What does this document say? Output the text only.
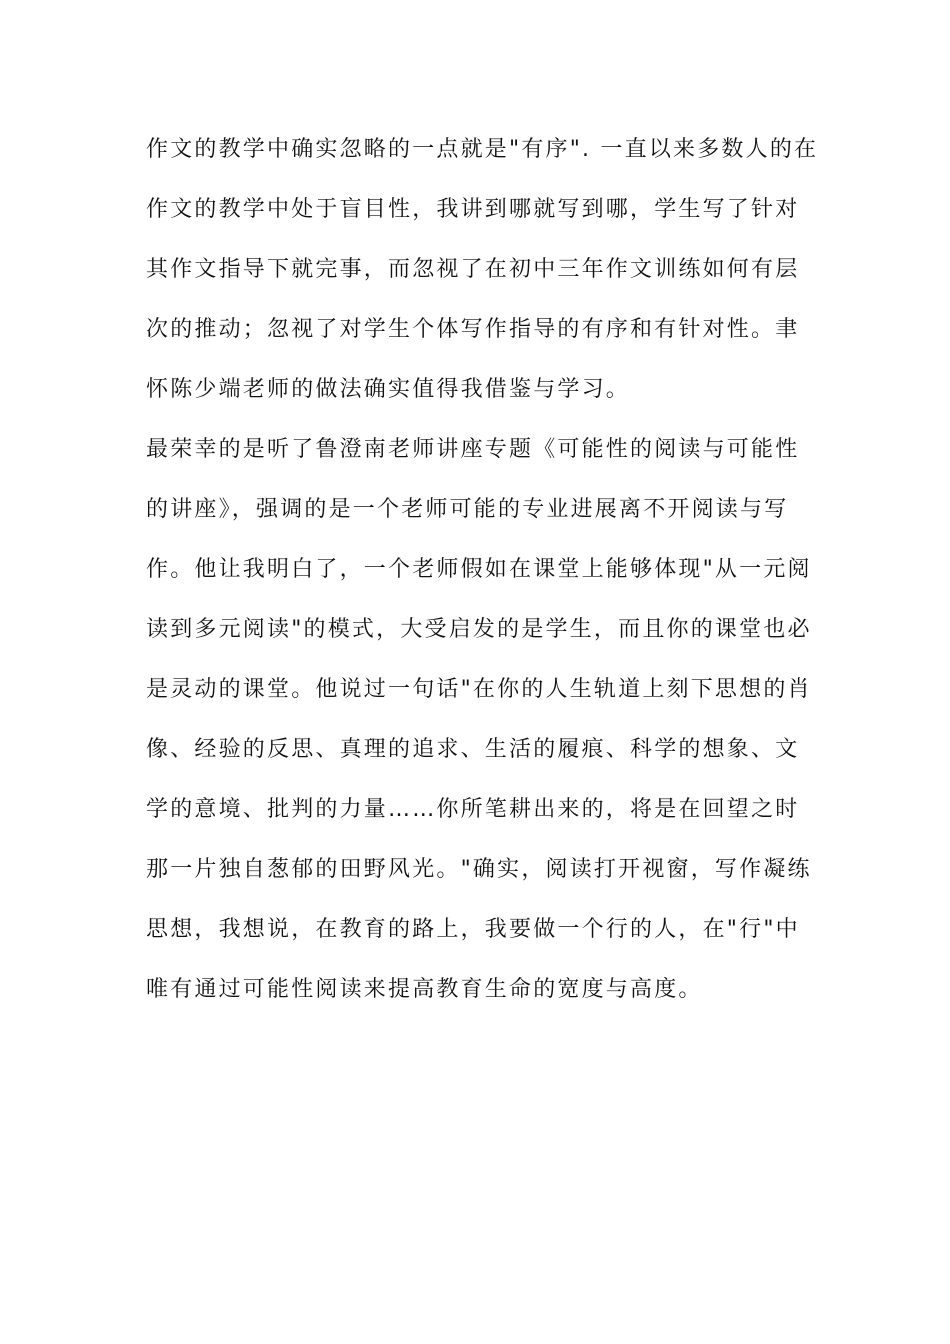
作文的教学中确实忽略的一点就是"有序". 一直以来多数人的在
作文的教学中处于盲目性，我讲到哪就写到哪，学生写了针对
其作文指导下就完事，而忽视了在初中三年作文训练如何有层
次的推动；忽视了对学生个体写作指导的有序和有针对性。聿
怀陈少端老师的做法确实值得我借鉴与学习。
最荣幸的是听了鲁澄南老师讲座专题《可能性的阅读与可能性
的讲座》，强调的是一个老师可能的专业进展离不开阅读与写
作。他让我明白了，一个老师假如在课堂上能够体现"从一元阅
读到多元阅读"的模式，大受启发的是学生，而且你的课堂也必
是灵动的课堂。他说过一句话"在你的人生轨道上刻下思想的肖
像、经验的反思、真理的追求、生活的履痕、科学的想象、文
学的意境、批判的力量……你所笔耕出来的，将是在回望之时
那一片独自葱郁的田野风光。"确实，阅读打开视窗，写作凝练
思想，我想说，在教育的路上，我要做一个行的人，在"行"中
唯有通过可能性阅读来提高教育生命的宽度与高度。
